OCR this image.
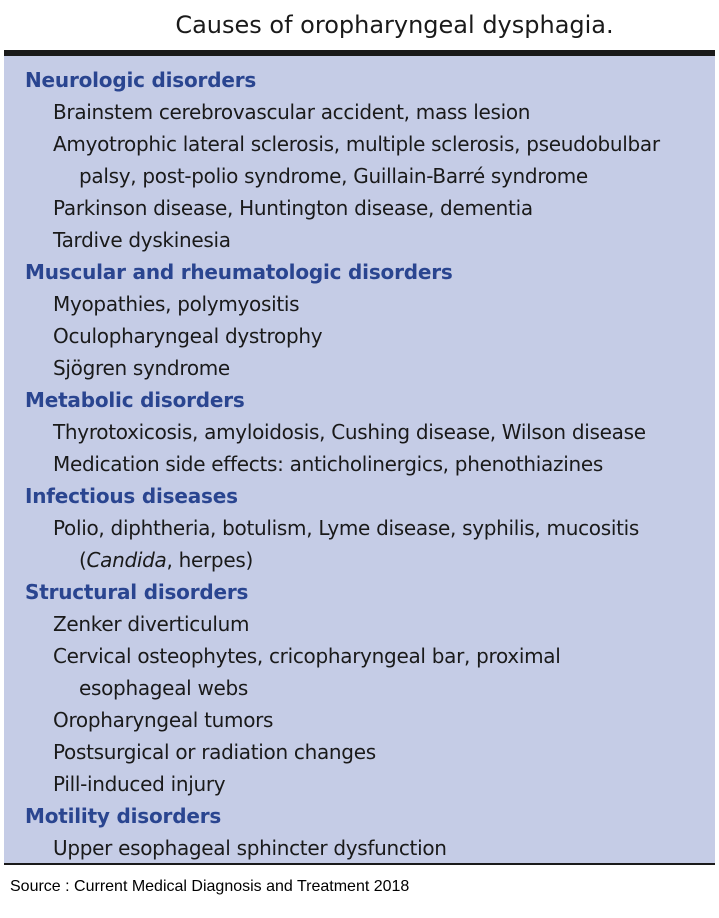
Causes of oropharyngeal dysphagia.
Neurologic disorders
Brainstem cerebrovascular accident, mass lesion
Amyotrophic lateral sclerosis, multiple sclerosis, pseudobulbar
palsy, post-polio syndrome, Guillain-Barré syndrome
Parkinson disease, Huntington disease, dementia
Tardive dyskinesia
Muscular and rheumatologic disorders
Myopathies, polymyositis
Oculopharyngeal dystrophy
Sjögren syndrome
Metabolic disorders
Thyrotoxicosis, amyloidosis, Cushing disease, Wilson disease
Medication side effects: anticholinergics, phenothiazines
Infectious diseases
Polio, diphtheria, botulism, Lyme disease, syphilis, mucositis
(Candida, herpes)
Structural disorders
Zenker diverticulum
Cervical osteophytes, cricopharyngeal bar, proximal
esophageal webs
Oropharyngeal tumors
Postsurgical or radiation changes
Pill-induced injury
Motility disorders
Upper esophageal sphincter dysfunction
Source : Current Medical Diagnosis and Treatment 2018
